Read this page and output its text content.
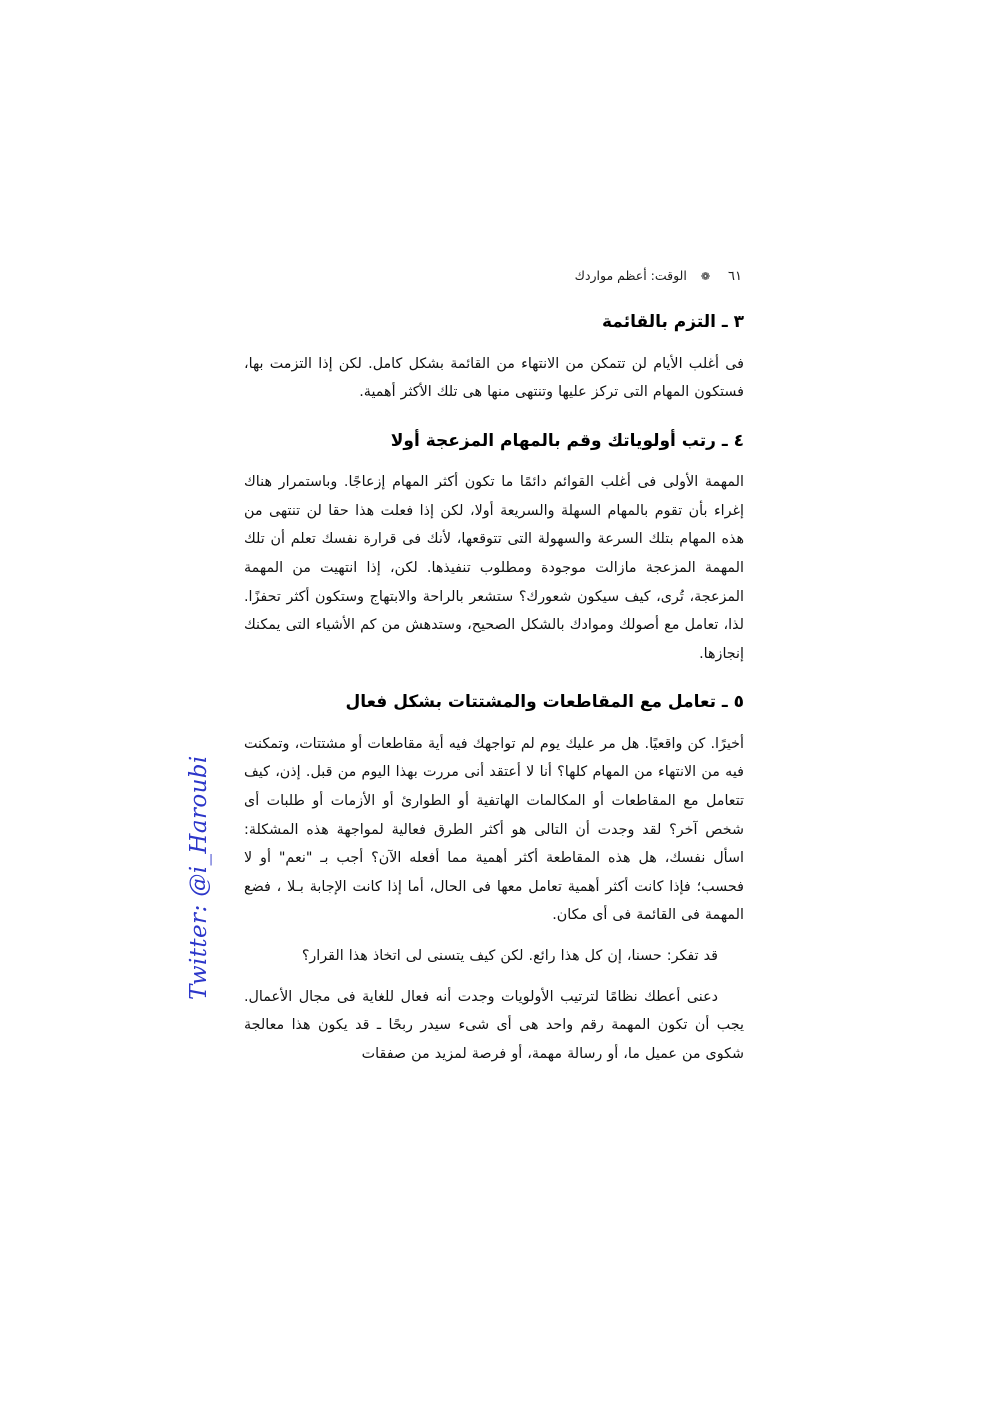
٦١ ❁ الوقت: أعظم مواردك
٣ ـ التزم بالقائمة

فى أغلب الأيام لن تتمكن من الانتهاء من القائمة بشكل كامل. لكن إذا التزمت بها، فستكون المهام التى تركز عليها وتنتهى منها هى تلك الأكثر أهمية.

٤ ـ رتب أولوياتك وقم بالمهام المزعجة أولا

المهمة الأولى فى أغلب القوائم دائمًا ما تكون أكثر المهام إزعاجًا. وباستمرار هناك إغراء بأن تقوم بالمهام السهلة والسريعة أولا، لكن إذا فعلت هذا حقا لن تنتهى من هذه المهام بتلك السرعة والسهولة التى تتوقعها، لأنك فى قرارة نفسك تعلم أن تلك المهمة المزعجة مازالت موجودة ومطلوب تنفيذها. لكن، إذا انتهيت من المهمة المزعجة، تُرى، كيف سيكون شعورك؟ ستشعر بالراحة والابتهاج وستكون أكثر تحفزًا. لذا، تعامل مع أصولك وموادك بالشكل الصحيح، وستدهش من كم الأشياء التى يمكنك إنجازها.

٥ ـ تعامل مع المقاطعات والمشتتات بشكل فعال

أخيرًا. كن واقعيًا. هل مر عليك يوم لم تواجهك فيه أية مقاطعات أو مشتتات، وتمكنت فيه من الانتهاء من المهام كلها؟ أنا لا أعتقد أنى مررت بهذا اليوم من قبل. إذن، كيف تتعامل مع المقاطعات أو المكالمات الهاتفية أو الطوارئ أو الأزمات أو طلبات أى شخص آخر؟ لقد وجدت أن التالى هو أكثر الطرق فعالية لمواجهة هذه المشكلة: اسأل نفسك، هل هذه المقاطعة أكثر أهمية مما أفعله الآن؟ أجب بـ "نعم" أو لا فحسب؛ فإذا كانت أكثر أهمية تعامل معها فى الحال، أما إذا كانت الإجابة بـلا ، فضع المهمة فى القائمة فى أى مكان.

قد تفكر: حسنا، إن كل هذا رائع. لكن كيف يتسنى لى اتخاذ هذا القرار؟

دعنى أعطك نظامًا لترتيب الأولويات وجدت أنه فعال للغاية فى مجال الأعمال. يجب أن تكون المهمة رقم واحد هى أى شىء سيدر ربحًا ـ قد يكون هذا معالجة شكوى من عميل ما، أو رسالة مهمة، أو فرصة لمزيد من صفقات

Twitter: @i_Haroubi
